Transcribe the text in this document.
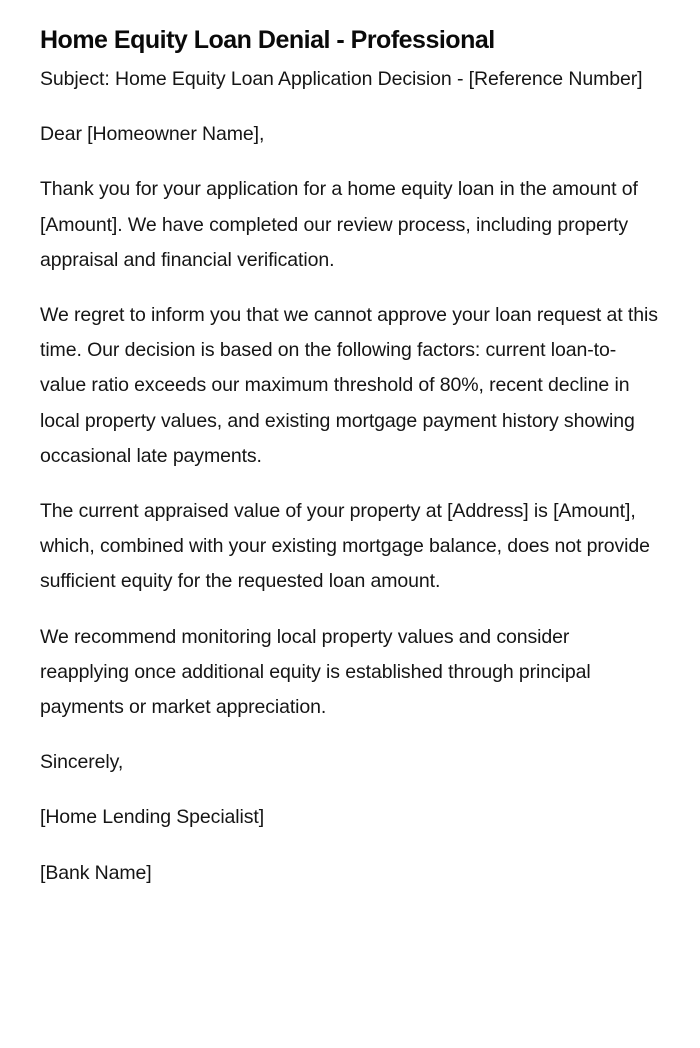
Home Equity Loan Denial - Professional

Subject: Home Equity Loan Application Decision - [Reference Number]

Dear [Homeowner Name],

Thank you for your application for a home equity loan in the amount of [Amount]. We have completed our review process, including property appraisal and financial verification.

We regret to inform you that we cannot approve your loan request at this time. Our decision is based on the following factors: current loan-to-value ratio exceeds our maximum threshold of 80%, recent decline in local property values, and existing mortgage payment history showing occasional late payments.

The current appraised value of your property at [Address] is [Amount], which, combined with your existing mortgage balance, does not provide sufficient equity for the requested loan amount.

We recommend monitoring local property values and consider reapplying once additional equity is established through principal payments or market appreciation.

Sincerely,

[Home Lending Specialist]

[Bank Name]
